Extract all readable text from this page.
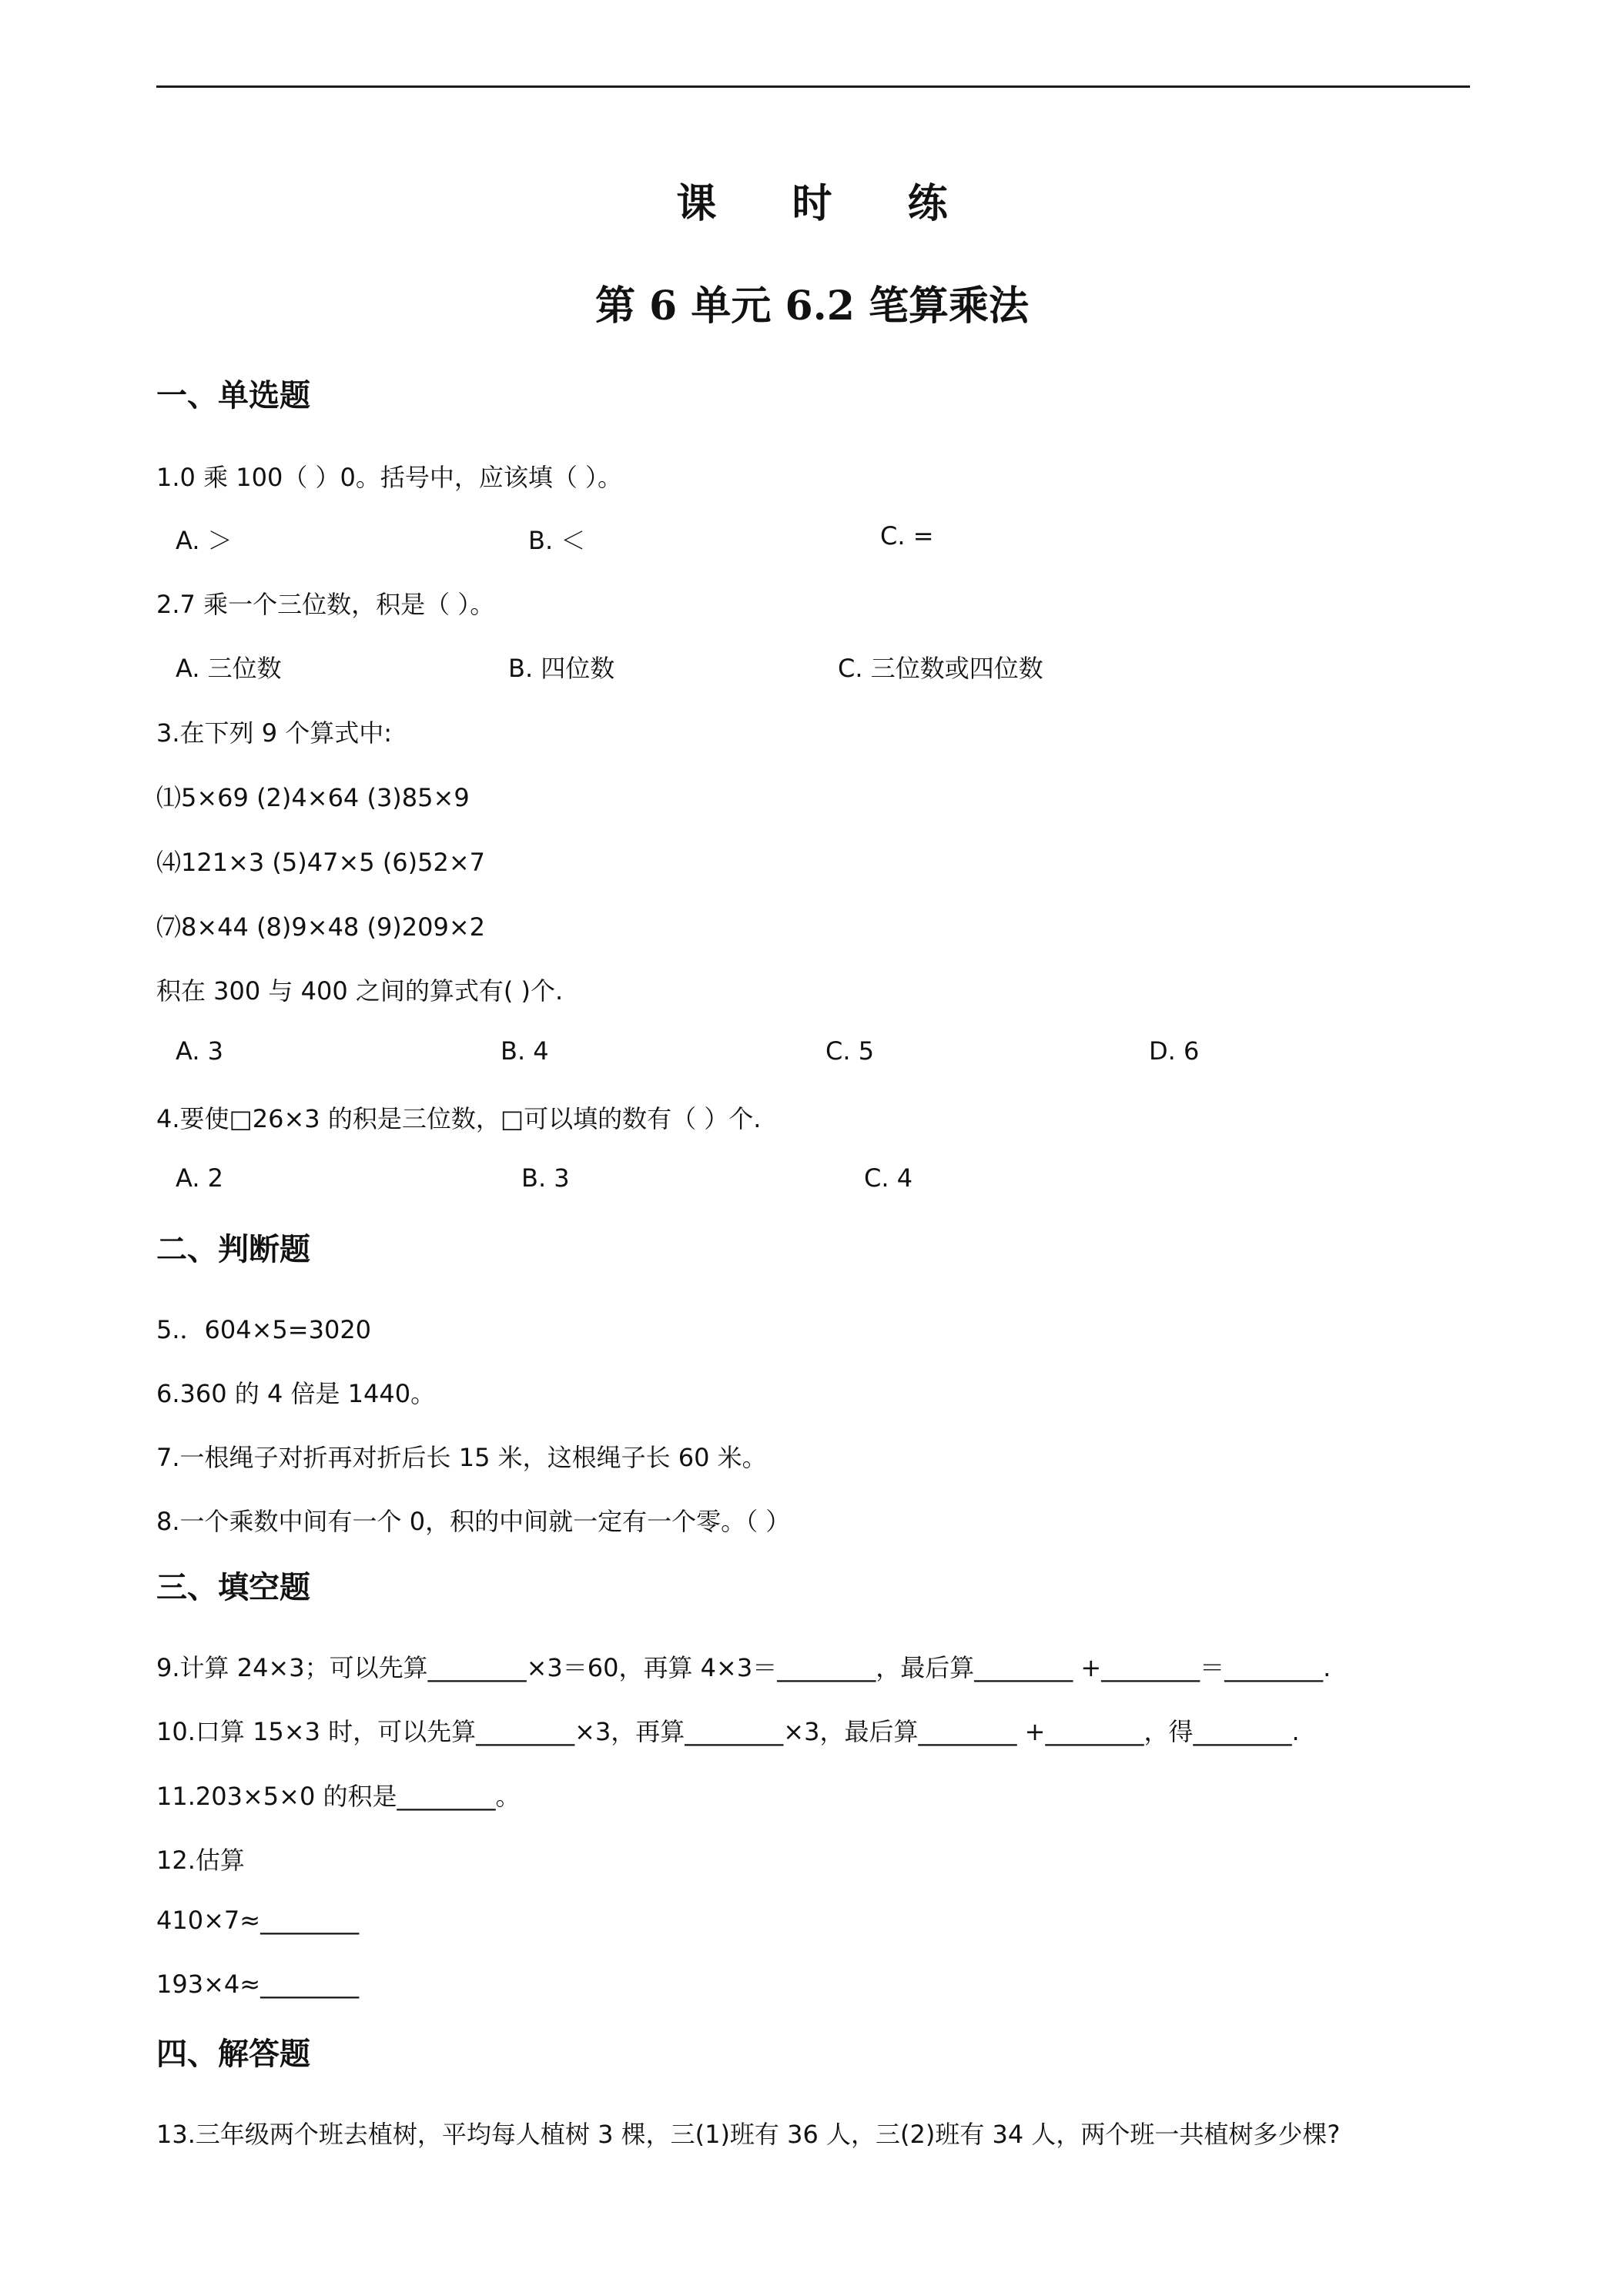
课 时 练
第 6 单元 6.2 笔算乘法
一、单选题
1.0 乘 100（ ）0。括号中，应该填（ ）。
A. ＞	B. ＜	C. =
2.7 乘一个三位数，积是（ ）。
A. 三位数	B. 四位数	C. 三位数或四位数
3.在下列 9 个算式中:
⑴5×69 (2)4×64 (3)85×9
⑷121×3 (5)47×5 (6)52×7
⑺8×44 (8)9×48 (9)209×2
积在 300 与 400 之间的算式有( )个.
A. 3	B. 4	C. 5	D. 6
4.要使□26×3 的积是三位数，□可以填的数有（ ）个.
A. 2	B. 3	C. 4
二、判断题
5.．604×5=3020
6.360 的 4 倍是 1440。
7.一根绳子对折再对折后长 15 米，这根绳子长 60 米。
8.一个乘数中间有一个 0，积的中间就一定有一个零。（ ）
三、填空题
9.计算 24×3；可以先算________×3＝60，再算 4×3＝________，最后算________ +________＝________.
10.口算 15×3 时，可以先算________×3，再算________×3，最后算________ +________，得________.
11.203×5×0 的积是________。
12.估算
410×7≈________
193×4≈________
四、解答题
13.三年级两个班去植树，平均每人植树 3 棵，三(1)班有 36 人，三(2)班有 34 人，两个班一共植树多少棵?
